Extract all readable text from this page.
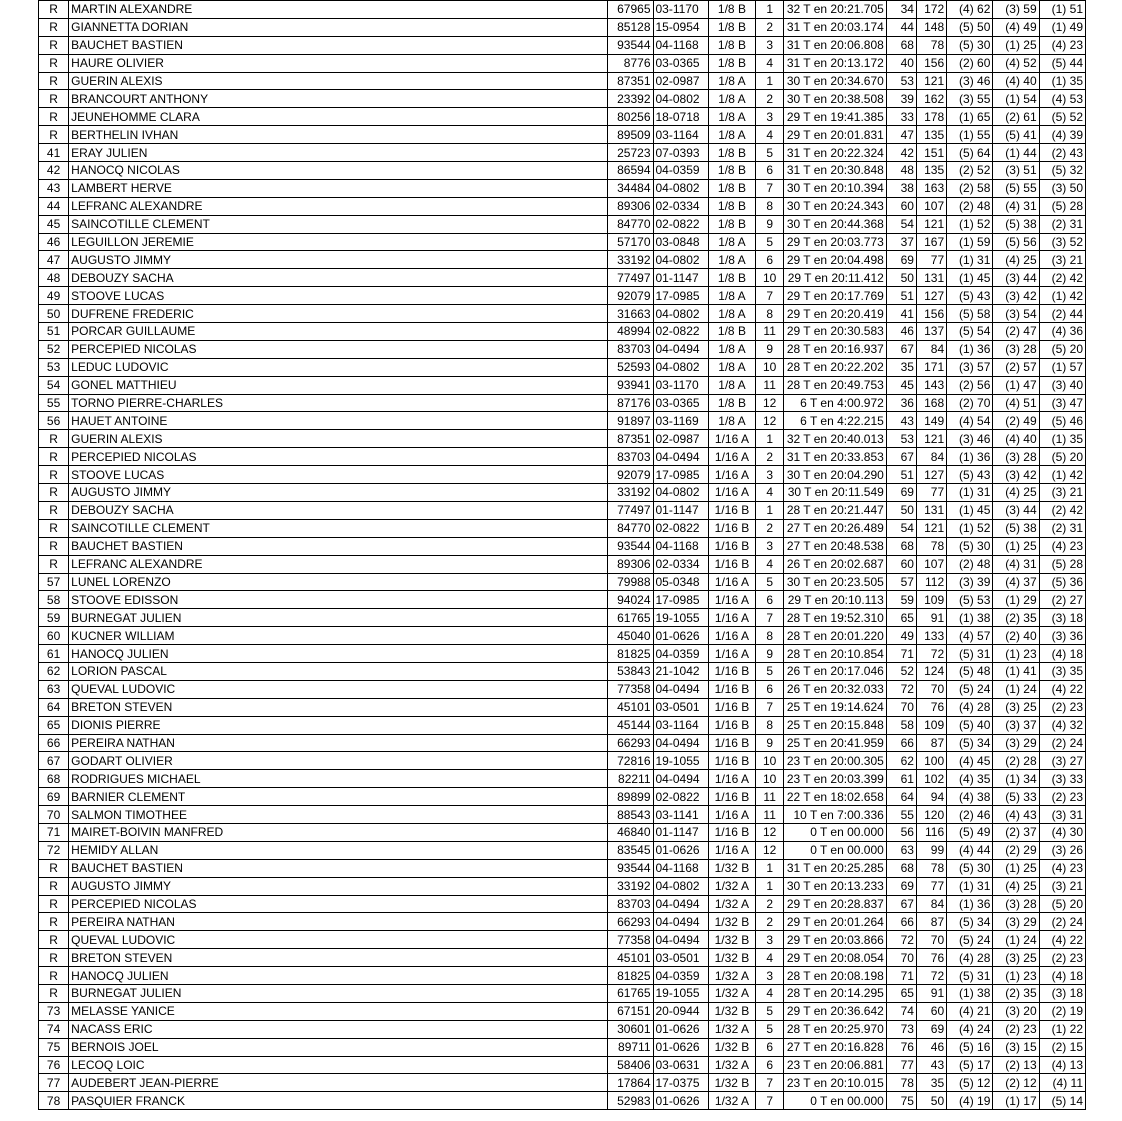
R	MARTIN ALEXANDRE	67965	03-1170	1/8 B	1	32 T en 20:21.705	34	172	(4) 62	(3) 59	(1) 51
R	GIANNETTA DORIAN	85128	15-0954	1/8 B	2	31 T en 20:03.174	44	148	(5) 50	(4) 49	(1) 49
R	BAUCHET BASTIEN	93544	04-1168	1/8 B	3	31 T en 20:06.808	68	78	(5) 30	(1) 25	(4) 23
R	HAURE OLIVIER	8776	03-0365	1/8 B	4	31 T en 20:13.172	40	156	(2) 60	(4) 52	(5) 44
R	GUERIN ALEXIS	87351	02-0987	1/8 A	1	30 T en 20:34.670	53	121	(3) 46	(4) 40	(1) 35
R	BRANCOURT ANTHONY	23392	04-0802	1/8 A	2	30 T en 20:38.508	39	162	(3) 55	(1) 54	(4) 53
R	JEUNEHOMME CLARA	80256	18-0718	1/8 A	3	29 T en 19:41.385	33	178	(1) 65	(2) 61	(5) 52
R	BERTHELIN IVHAN	89509	03-1164	1/8 A	4	29 T en 20:01.831	47	135	(1) 55	(5) 41	(4) 39
41	ERAY JULIEN	25723	07-0393	1/8 B	5	31 T en 20:22.324	42	151	(5) 64	(1) 44	(2) 43
42	HANOCQ NICOLAS	86594	04-0359	1/8 B	6	31 T en 20:30.848	48	135	(2) 52	(3) 51	(5) 32
43	LAMBERT HERVE	34484	04-0802	1/8 B	7	30 T en 20:10.394	38	163	(2) 58	(5) 55	(3) 50
44	LEFRANC ALEXANDRE	89306	02-0334	1/8 B	8	30 T en 20:24.343	60	107	(2) 48	(4) 31	(5) 28
45	SAINCOTILLE CLEMENT	84770	02-0822	1/8 B	9	30 T en 20:44.368	54	121	(1) 52	(5) 38	(2) 31
46	LEGUILLON JEREMIE	57170	03-0848	1/8 A	5	29 T en 20:03.773	37	167	(1) 59	(5) 56	(3) 52
47	AUGUSTO JIMMY	33192	04-0802	1/8 A	6	29 T en 20:04.498	69	77	(1) 31	(4) 25	(3) 21
48	DEBOUZY SACHA	77497	01-1147	1/8 B	10	29 T en 20:11.412	50	131	(1) 45	(3) 44	(2) 42
49	STOOVE LUCAS	92079	17-0985	1/8 A	7	29 T en 20:17.769	51	127	(5) 43	(3) 42	(1) 42
50	DUFRENE FREDERIC	31663	04-0802	1/8 A	8	29 T en 20:20.419	41	156	(5) 58	(3) 54	(2) 44
51	PORCAR GUILLAUME	48994	02-0822	1/8 B	11	29 T en 20:30.583	46	137	(5) 54	(2) 47	(4) 36
52	PERCEPIED NICOLAS	83703	04-0494	1/8 A	9	28 T en 20:16.937	67	84	(1) 36	(3) 28	(5) 20
53	LEDUC LUDOVIC	52593	04-0802	1/8 A	10	28 T en 20:22.202	35	171	(3) 57	(2) 57	(1) 57
54	GONEL MATTHIEU	93941	03-1170	1/8 A	11	28 T en 20:49.753	45	143	(2) 56	(1) 47	(3) 40
55	TORNO PIERRE-CHARLES	87176	03-0365	1/8 B	12	6 T en 4:00.972	36	168	(2) 70	(4) 51	(3) 47
56	HAUET ANTOINE	91897	03-1169	1/8 A	12	6 T en 4:22.215	43	149	(4) 54	(2) 49	(5) 46
R	GUERIN ALEXIS	87351	02-0987	1/16 A	1	32 T en 20:40.013	53	121	(3) 46	(4) 40	(1) 35
R	PERCEPIED NICOLAS	83703	04-0494	1/16 A	2	31 T en 20:33.853	67	84	(1) 36	(3) 28	(5) 20
R	STOOVE LUCAS	92079	17-0985	1/16 A	3	30 T en 20:04.290	51	127	(5) 43	(3) 42	(1) 42
R	AUGUSTO JIMMY	33192	04-0802	1/16 A	4	30 T en 20:11.549	69	77	(1) 31	(4) 25	(3) 21
R	DEBOUZY SACHA	77497	01-1147	1/16 B	1	28 T en 20:21.447	50	131	(1) 45	(3) 44	(2) 42
R	SAINCOTILLE CLEMENT	84770	02-0822	1/16 B	2	27 T en 20:26.489	54	121	(1) 52	(5) 38	(2) 31
R	BAUCHET BASTIEN	93544	04-1168	1/16 B	3	27 T en 20:48.538	68	78	(5) 30	(1) 25	(4) 23
R	LEFRANC ALEXANDRE	89306	02-0334	1/16 B	4	26 T en 20:02.687	60	107	(2) 48	(4) 31	(5) 28
57	LUNEL LORENZO	79988	05-0348	1/16 A	5	30 T en 20:23.505	57	112	(3) 39	(4) 37	(5) 36
58	STOOVE EDISSON	94024	17-0985	1/16 A	6	29 T en 20:10.113	59	109	(5) 53	(1) 29	(2) 27
59	BURNEGAT JULIEN	61765	19-1055	1/16 A	7	28 T en 19:52.310	65	91	(1) 38	(2) 35	(3) 18
60	KUCNER WILLIAM	45040	01-0626	1/16 A	8	28 T en 20:01.220	49	133	(4) 57	(2) 40	(3) 36
61	HANOCQ JULIEN	81825	04-0359	1/16 A	9	28 T en 20:10.854	71	72	(5) 31	(1) 23	(4) 18
62	LORION PASCAL	53843	21-1042	1/16 B	5	26 T en 20:17.046	52	124	(5) 48	(1) 41	(3) 35
63	QUEVAL LUDOVIC	77358	04-0494	1/16 B	6	26 T en 20:32.033	72	70	(5) 24	(1) 24	(4) 22
64	BRETON STEVEN	45101	03-0501	1/16 B	7	25 T en 19:14.624	70	76	(4) 28	(3) 25	(2) 23
65	DIONIS PIERRE	45144	03-1164	1/16 B	8	25 T en 20:15.848	58	109	(5) 40	(3) 37	(4) 32
66	PEREIRA NATHAN	66293	04-0494	1/16 B	9	25 T en 20:41.959	66	87	(5) 34	(3) 29	(2) 24
67	GODART OLIVIER	72816	19-1055	1/16 B	10	23 T en 20:00.305	62	100	(4) 45	(2) 28	(3) 27
68	RODRIGUES MICHAEL	82211	04-0494	1/16 A	10	23 T en 20:03.399	61	102	(4) 35	(1) 34	(3) 33
69	BARNIER CLEMENT	89899	02-0822	1/16 B	11	22 T en 18:02.658	64	94	(4) 38	(5) 33	(2) 23
70	SALMON TIMOTHEE	88543	03-1141	1/16 A	11	10 T en 7:00.336	55	120	(2) 46	(4) 43	(3) 31
71	MAIRET-BOIVIN MANFRED	46840	01-1147	1/16 B	12	0 T en 00.000	56	116	(5) 49	(2) 37	(4) 30
72	HEMIDY ALLAN	83545	01-0626	1/16 A	12	0 T en 00.000	63	99	(4) 44	(2) 29	(3) 26
R	BAUCHET BASTIEN	93544	04-1168	1/32 B	1	31 T en 20:25.285	68	78	(5) 30	(1) 25	(4) 23
R	AUGUSTO JIMMY	33192	04-0802	1/32 A	1	30 T en 20:13.233	69	77	(1) 31	(4) 25	(3) 21
R	PERCEPIED NICOLAS	83703	04-0494	1/32 A	2	29 T en 20:28.837	67	84	(1) 36	(3) 28	(5) 20
R	PEREIRA NATHAN	66293	04-0494	1/32 B	2	29 T en 20:01.264	66	87	(5) 34	(3) 29	(2) 24
R	QUEVAL LUDOVIC	77358	04-0494	1/32 B	3	29 T en 20:03.866	72	70	(5) 24	(1) 24	(4) 22
R	BRETON STEVEN	45101	03-0501	1/32 B	4	29 T en 20:08.054	70	76	(4) 28	(3) 25	(2) 23
R	HANOCQ JULIEN	81825	04-0359	1/32 A	3	28 T en 20:08.198	71	72	(5) 31	(1) 23	(4) 18
R	BURNEGAT JULIEN	61765	19-1055	1/32 A	4	28 T en 20:14.295	65	91	(1) 38	(2) 35	(3) 18
73	MELASSE YANICE	67151	20-0944	1/32 B	5	29 T en 20:36.642	74	60	(4) 21	(3) 20	(2) 19
74	NACASS ERIC	30601	01-0626	1/32 A	5	28 T en 20:25.970	73	69	(4) 24	(2) 23	(1) 22
75	BERNOIS JOEL	89711	01-0626	1/32 B	6	27 T en 20:16.828	76	46	(5) 16	(3) 15	(2) 15
76	LECOQ LOIC	58406	03-0631	1/32 A	6	23 T en 20:06.881	77	43	(5) 17	(2) 13	(4) 13
77	AUDEBERT JEAN-PIERRE	17864	17-0375	1/32 B	7	23 T en 20:10.015	78	35	(5) 12	(2) 12	(4) 11
78	PASQUIER FRANCK	52983	01-0626	1/32 A	7	0 T en 00.000	75	50	(4) 19	(1) 17	(5) 14
